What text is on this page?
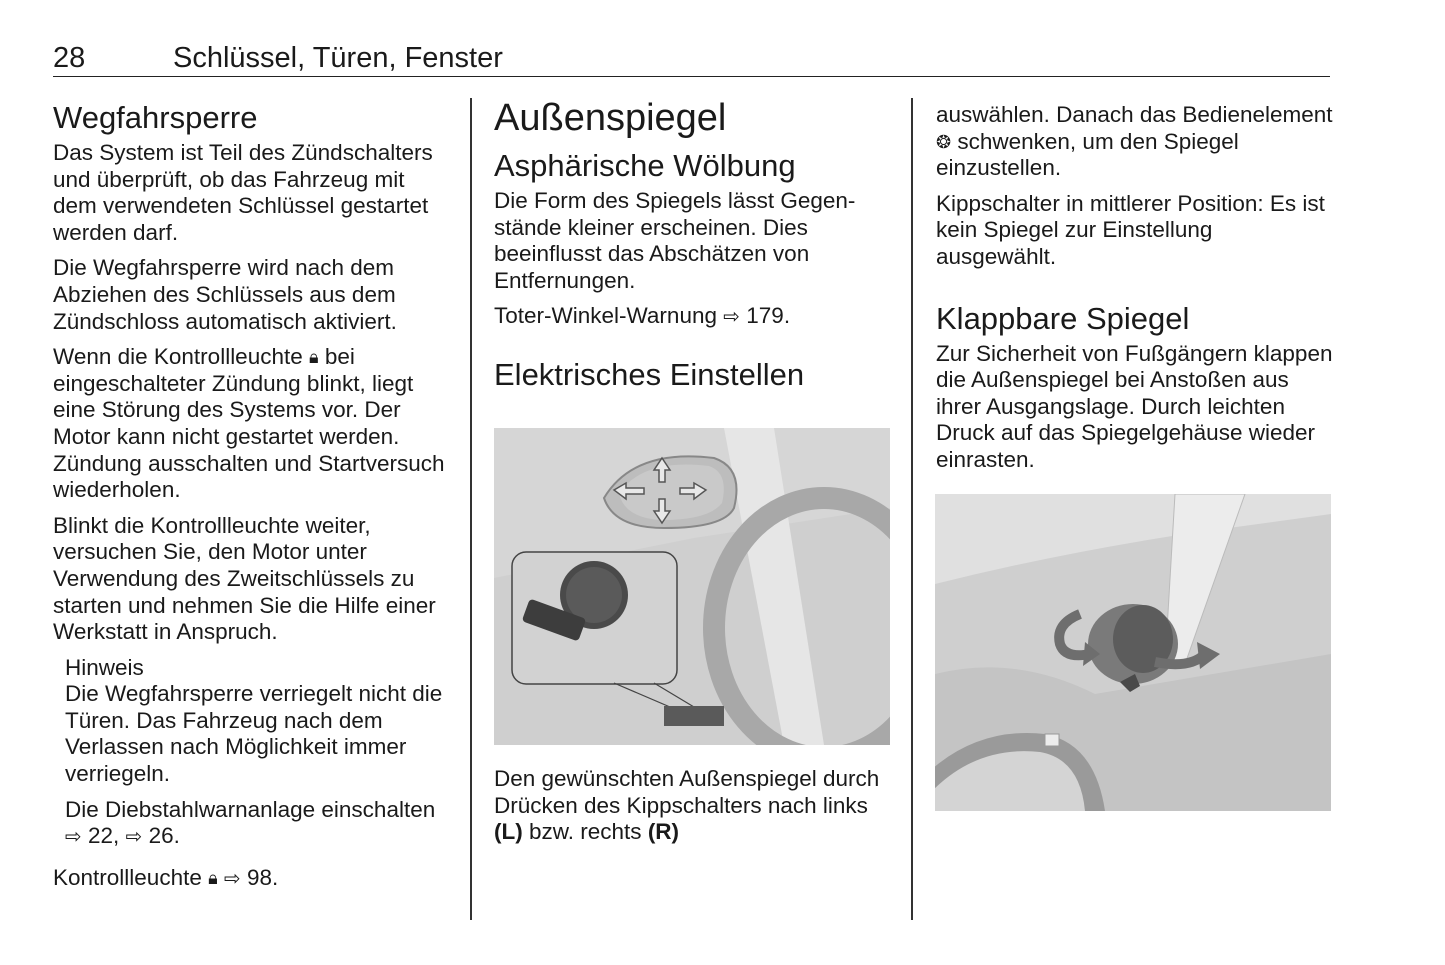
28	Schlüssel, Türen, Fenster
Wegfahrsperre

Das System ist Teil des Zündschalters und überprüft, ob das Fahrzeug mit dem verwendeten Schlüssel gestartet werden darf.

Die Wegfahrsperre wird nach dem Abziehen des Schlüssels aus dem Zündschloss automatisch aktiviert.

Wenn die Kontrollleuchte 🔒︎ bei eingeschalteter Zündung blinkt, liegt eine Störung des Systems vor. Der Motor kann nicht gestartet werden. Zündung ausschalten und Startversuch wiederholen.

Blinkt die Kontrollleuchte weiter, versuchen Sie, den Motor unter Verwendung des Zweitschlüssels zu starten und nehmen Sie die Hilfe einer Werkstatt in Anspruch.

Hinweis

Die Wegfahrsperre verriegelt nicht die Türen. Das Fahrzeug nach dem Verlassen nach Möglichkeit immer verriegeln.

Die Diebstahlwarnanlage einschalten ⇨ 22, ⇨ 26.

Kontrollleuchte 🔒︎ ⇨ 98.

Außenspiegel
Asphärische Wölbung

Die Form des Spiegels lässt Gegenstände kleiner erscheinen. Dies beeinflusst das Abschätzen von Entfernungen.

Toter-Winkel-Warnung ⇨ 179.

Elektrisches Einstellen

Den gewünschten Außenspiegel durch Drücken des Kippschalters nach links (L) bzw. rechts (R)

auswählen. Danach das Bedienelement ❂ schwenken, um den Spiegel einzustellen.

Kippschalter in mittlerer Position: Es ist kein Spiegel zur Einstellung ausgewählt.

Klappbare Spiegel

Zur Sicherheit von Fußgängern klappen die Außenspiegel bei Anstoßen aus ihrer Ausgangslage. Durch leichten Druck auf das Spiegelgehäuse wieder einrasten.
